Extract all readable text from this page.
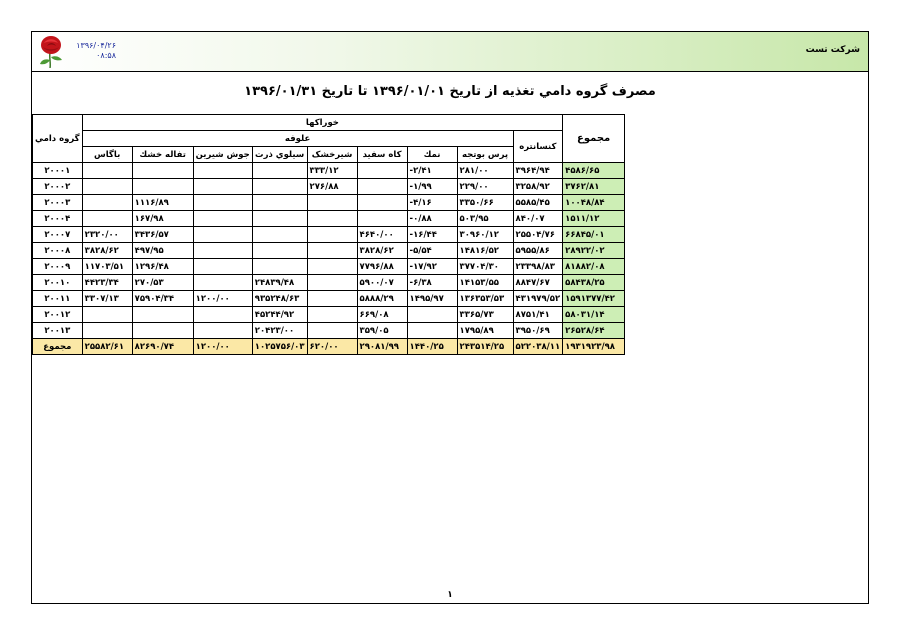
۱۳۹۶/۰۴/۲۶
۰۸:۵۸
شرکت تست
مصرف گروه دامي تغذيه از تاريخ ۱۳۹۶/۰۱/۰۱ تا تاريخ ۱۳۹۶/۰۱/۳۱
مجموع	خوراكها									گروه دامي
	كنسانتره	علوفه								
		پرس بوتجه	نمك	كاه سفيد	شيرخشک	سيلوي ذرت	جوش شيرين	تفاله خشك	باگاس	
۴۵۸۶/۶۵	۳۹۶۴/۹۴	۲۸۱/۰۰	۲/۴۱-		۳۳۳/۱۲					۲۰۰۰۱
۳۷۶۲/۸۱	۳۲۵۸/۹۲	۲۲۹/۰۰	۱/۹۹-		۲۷۶/۸۸					۲۰۰۰۲
۱۰۰۴۸/۸۴	۵۵۸۵/۴۵	۳۳۵۰/۶۶	۴/۱۶-					۱۱۱۶/۸۹		۲۰۰۰۳
۱۵۱۱/۱۲	۸۴۰/۰۷	۵۰۳/۹۵	۰/۸۸-					۱۶۷/۹۸		۲۰۰۰۴
۶۶۸۴۵/۰۱	۲۵۵۰۴/۷۶	۳۰۹۶۰/۱۲	۱۶/۴۴-	۴۶۴۰/۰۰				۳۴۳۶/۵۷	۲۳۲۰/۰۰	۲۰۰۰۷
۲۸۹۲۲/۰۲	۵۹۵۵/۸۶	۱۴۸۱۶/۵۲	۵/۵۴-	۳۸۲۸/۶۲				۴۹۷/۹۵	۳۸۲۸/۶۲	۲۰۰۰۸
۸۱۸۸۲/۰۸	۲۳۳۹۸/۸۳	۳۷۷۰۴/۳۰	۱۷/۹۲-	۷۷۹۶/۸۸				۱۲۹۶/۴۸	۱۱۷۰۳/۵۱	۲۰۰۰۹
۵۸۴۳۸/۲۵	۸۸۴۷/۶۷	۱۴۱۵۳/۵۵	۶/۳۸-	۵۹۰۰/۰۷		۲۴۸۳۹/۴۸		۲۷۰/۵۳	۴۴۲۳/۳۴	۲۰۰۱۰
۱۵۹۱۳۷۷/۴۲	۴۳۱۹۷۹/۵۲	۱۳۶۳۵۳/۵۳	۱۴۹۵/۹۷	۵۸۸۸/۲۹		۹۳۵۲۴۸/۶۳	۱۲۰۰/۰۰	۷۵۹۰۴/۳۴	۳۳۰۷/۱۳	۲۰۰۱۱
۵۸۰۳۱/۱۴	۸۷۵۱/۴۱	۳۳۶۵/۷۳		۶۶۹/۰۸		۴۵۲۴۴/۹۲				۲۰۰۱۲
۲۶۵۲۸/۶۴	۳۹۵۰/۶۹	۱۷۹۵/۸۹		۳۵۹/۰۵		۲۰۴۲۳/۰۰				۲۰۰۱۳
۱۹۳۱۹۲۳/۹۸	۵۲۲۰۳۸/۱۱	۲۴۳۵۱۴/۲۵	۱۴۴۰/۲۵	۲۹۰۸۱/۹۹	۶۲۰/۰۰	۱۰۲۵۷۵۶/۰۳	۱۲۰۰/۰۰	۸۲۶۹۰/۷۴	۲۵۵۸۲/۶۱	مجموع
۱
